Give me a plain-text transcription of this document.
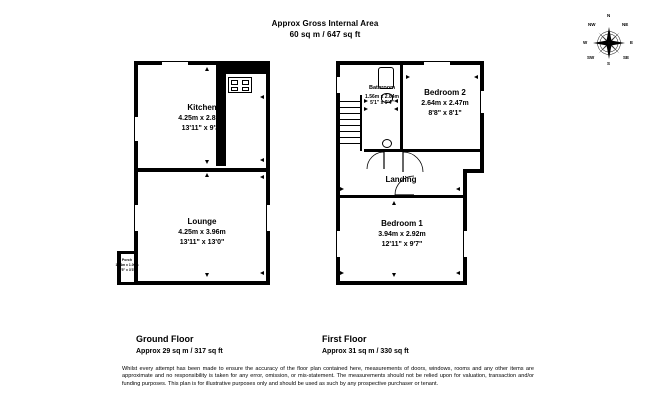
Approx Gross Internal Area
60 sq m / 647 sq ft
N
S
W	E
NE
NW
SE
SW
Kitchen
4.25m x 2.81m
13'11" x 9'3"
Lounge
4.25m x 3.96m
13'11" x 13'0"
Porch
1.04m x 1.00m
3'5" x 3'3"
Bathroom
1.56m x 2.84m
5'1" x 9'4"
Bedroom 2
2.64m x 2.47m
8'8" x 8'1"
Landing
Bedroom 1
3.94m x 2.92m
12'11" x 9'7"
Ground Floor
Approx 29 sq m / 317 sq ft
First Floor
Approx 31 sq m / 330 sq ft
Whilst every attempt has been made to ensure the accuracy of the floor plan contained here, measurements of doors, windows, rooms and any other items are approximate and no responsibility is taken for any error, omission, or mis-statement. The measurements should not be relied upon for valuation, transaction and/or funding purposes. This plan is for illustrative purposes only and should be used as such by any prospective purchaser or tenant.
